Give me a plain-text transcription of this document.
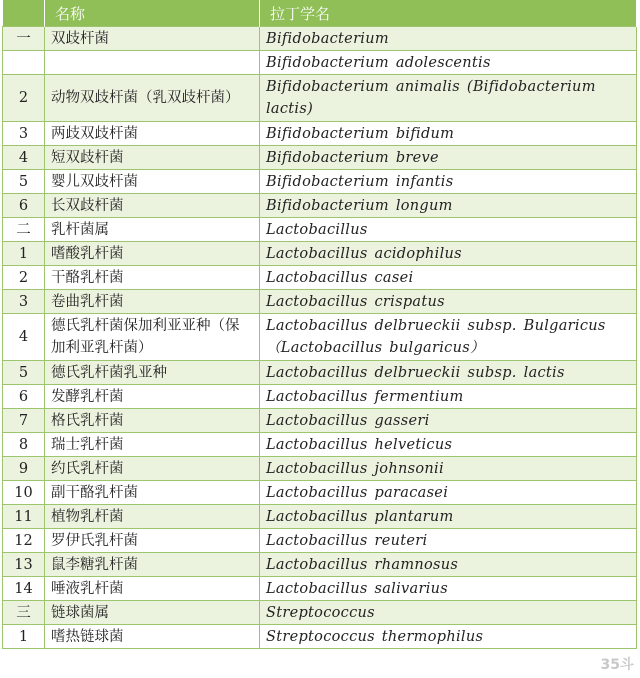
	名称	拉丁学名
一	双歧杆菌	Bifidobacterium
		Bifidobacterium adolescentis
2	动物双歧杆菌（乳双歧杆菌）	Bifidobacterium animalis (Bifidobacterium lactis)
3	两歧双歧杆菌	Bifidobacterium bifidum
4	短双歧杆菌	Bifidobacterium breve
5	婴儿双歧杆菌	Bifidobacterium infantis
6	长双歧杆菌	Bifidobacterium longum
二	乳杆菌属	Lactobacillus
1	嗜酸乳杆菌	Lactobacillus acidophilus
2	干酪乳杆菌	Lactobacillus casei
3	卷曲乳杆菌	Lactobacillus crispatus
4	德氏乳杆菌保加利亚亚种（保加利亚乳杆菌）	Lactobacillus delbrueckii subsp. Bulgaricus （Lactobacillus bulgaricus）
5	德氏乳杆菌乳亚种	Lactobacillus delbrueckii subsp. lactis
6	发酵乳杆菌	Lactobacillus fermentium
7	格氏乳杆菌	Lactobacillus gasseri
8	瑞士乳杆菌	Lactobacillus helveticus
9	约氏乳杆菌	Lactobacillus johnsonii
10	副干酪乳杆菌	Lactobacillus paracasei
11	植物乳杆菌	Lactobacillus plantarum
12	罗伊氏乳杆菌	Lactobacillus reuteri
13	鼠李糖乳杆菌	Lactobacillus rhamnosus
14	唾液乳杆菌	Lactobacillus salivarius
三	链球菌属	Streptococcus
1	嗜热链球菌	Streptococcus thermophilus
35斗
